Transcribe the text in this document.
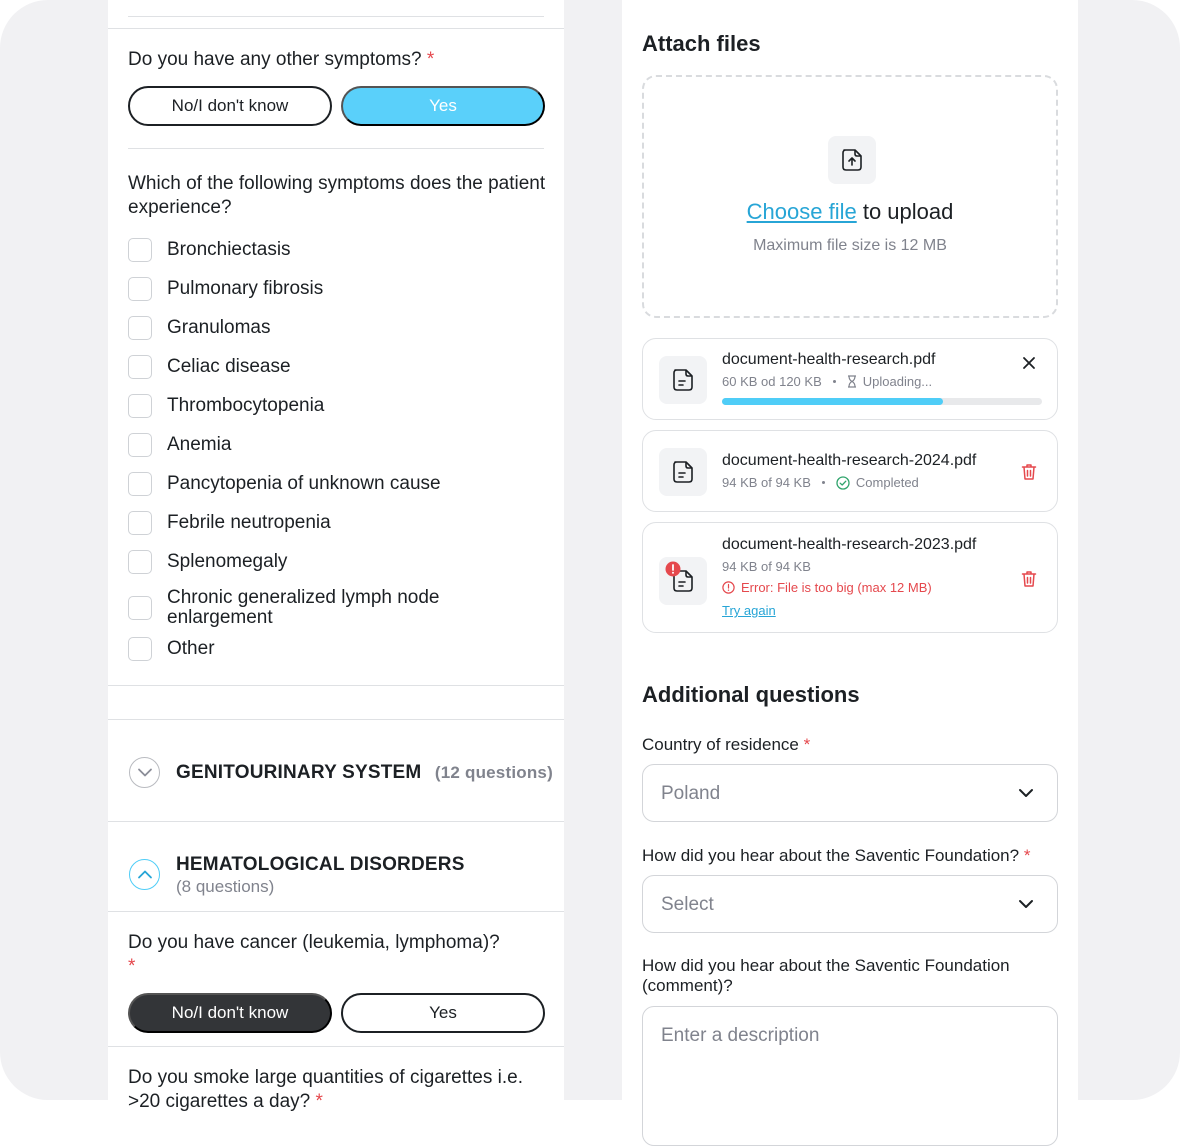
Do you have any other symptoms? *
No/I don't know	Yes
Which of the following symptoms does the patient experience?
Bronchiectasis
Pulmonary fibrosis
Granulomas
Celiac disease
Thrombocytopenia
Anemia
Pancytopenia of unknown cause
Febrile neutropenia
Splenomegaly
Chronic generalized lymph node enlargement
Other
GENITOURINARY SYSTEM (12 questions)
HEMATOLOGICAL DISORDERS
(8 questions)
Do you have cancer (leukemia, lymphoma)?
*
No/I don't know	Yes
Do you smoke large quantities of cigarettes i.e. >20 cigarettes a day? *
Attach files
Choose file to upload
Maximum file size is 12 MB
document-health-research.pdf
60 KB od 120 KB	Uploading...
document-health-research-2024.pdf
94 KB of 94 KB	Completed
document-health-research-2023.pdf
94 KB of 94 KB
Error: File is too big (max 12 MB)
Try again
Additional questions
Country of residence *
Poland
How did you hear about the Saventic Foundation? *
Select
How did you hear about the Saventic Foundation (comment)?
Enter a description
